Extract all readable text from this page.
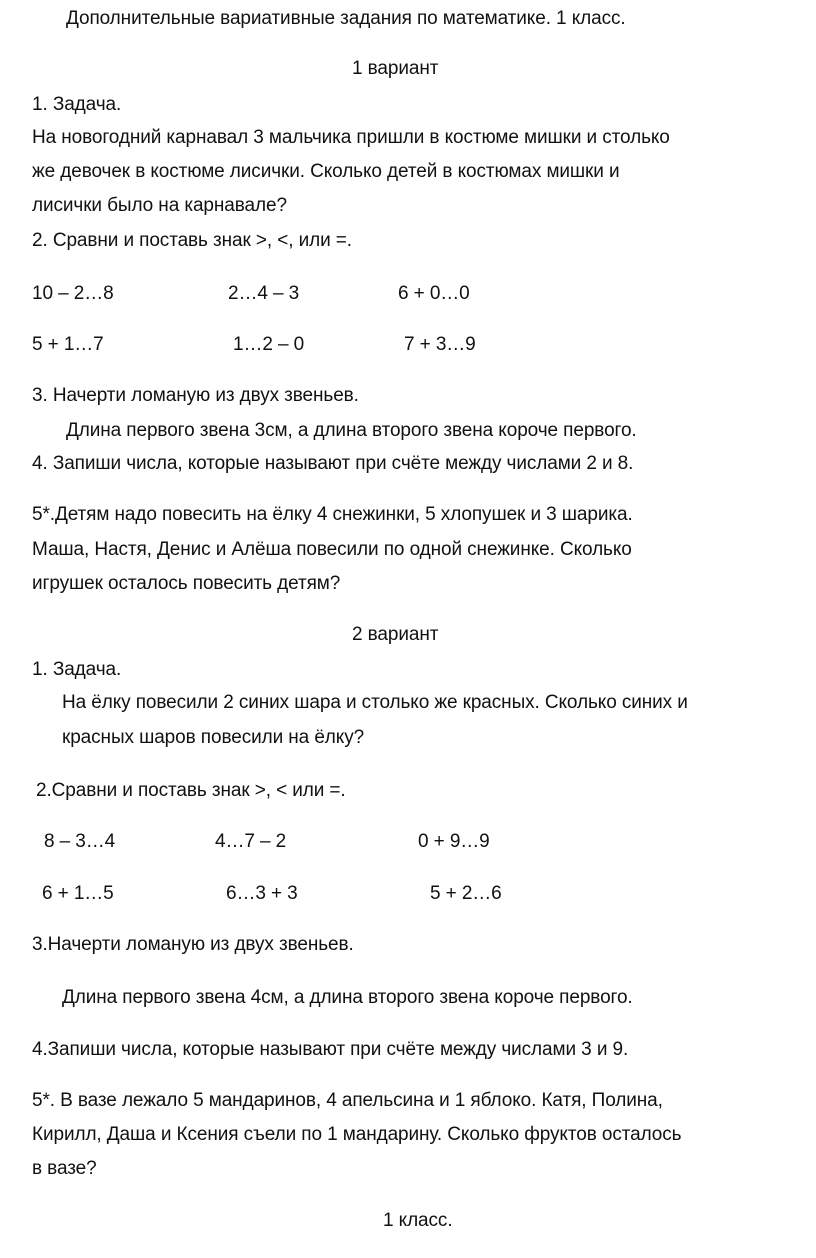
Дополнительные вариативные задания по математике. 1 класс.
1 вариант
1. Задача.
На новогодний карнавал 3 мальчика пришли в костюме мишки и столько
же девочек в костюме лисички. Сколько детей в костюмах мишки и
лисички было на карнавале?
2. Сравни и поставь знак >, <, или =.
10 – 2…8	2…4 – 3	6 + 0…0
5 + 1…7	1…2 – 0	7 + 3…9
3. Начерти ломаную из двух звеньев.
Длина первого звена 3см, а длина второго звена короче первого.
4. Запиши числа, которые называют при счёте между числами 2 и 8.
5*.Детям надо повесить на ёлку 4 снежинки, 5 хлопушек и 3 шарика.
Маша, Настя, Денис и Алёша повесили по одной снежинке. Сколько
игрушек осталось повесить детям?
2 вариант
1. Задача.
На ёлку повесили 2 синих шара и столько же красных. Сколько синих и
красных шаров повесили на ёлку?
2.Сравни и поставь знак >, < или =.
8 – 3…4	4…7 – 2	0 + 9…9
6 + 1…5	6…3 + 3	5 + 2…6
3.Начерти ломаную из двух звеньев.
Длина первого звена 4см, а длина второго звена короче первого.
4.Запиши числа, которые называют при счёте между числами 3 и 9.
5*. В вазе лежало 5 мандаринов, 4 апельсина и 1 яблоко. Катя, Полина,
Кирилл, Даша и Ксения съели по 1 мандарину. Сколько фруктов осталось
в вазе?
1 класс.
